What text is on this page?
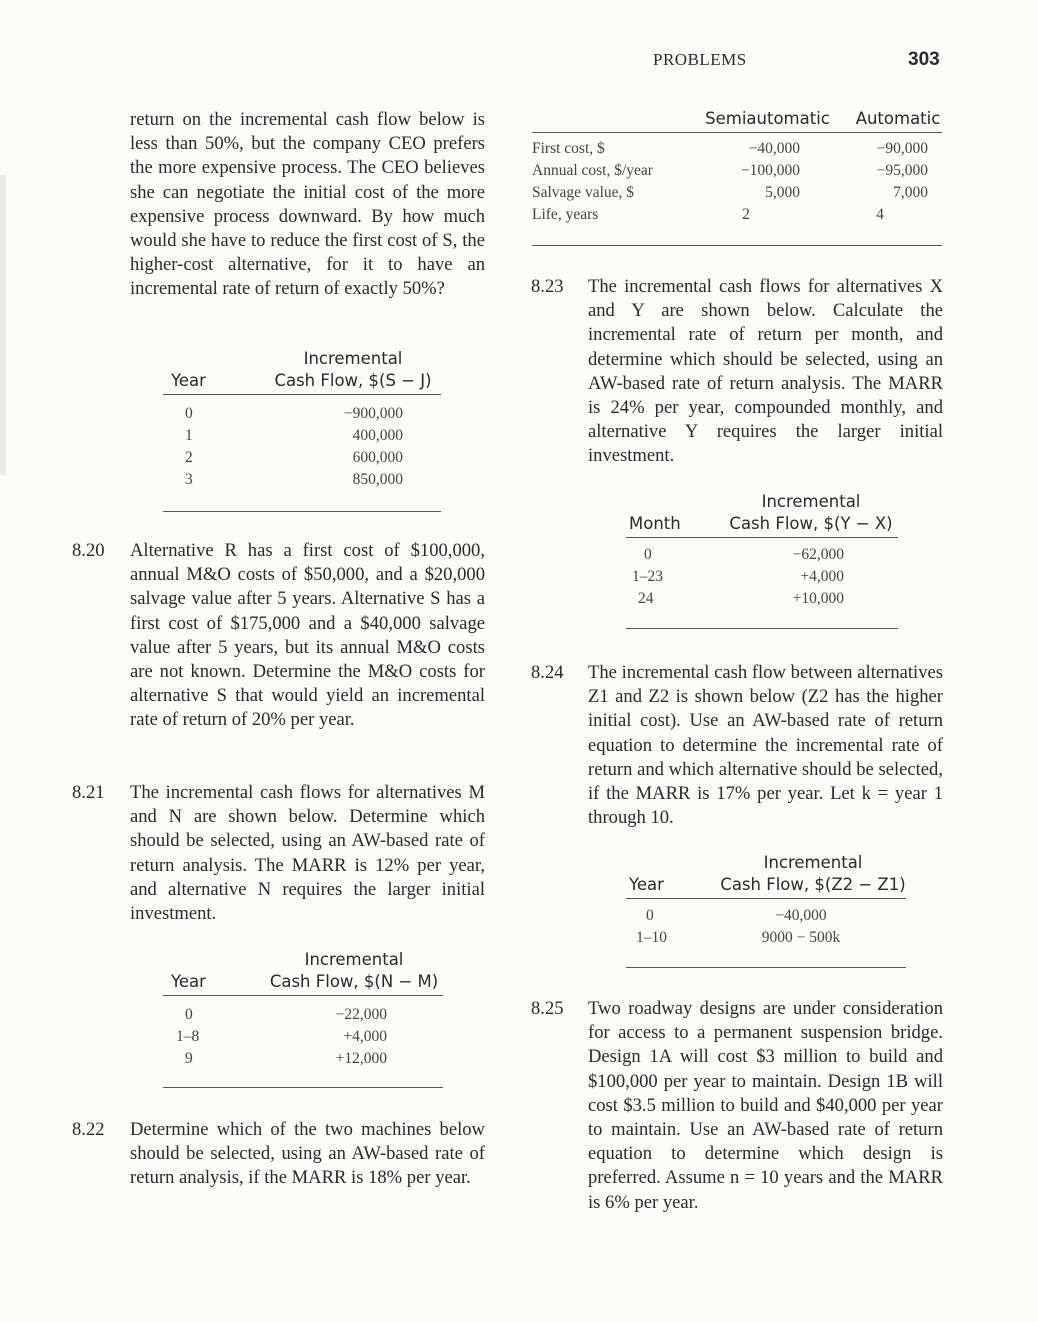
PROBLEMS	303

return on the incremental cash flow below is less than 50%, but the company CEO prefers the more expensive process. The CEO believes she can negotiate the initial cost of the more expensive process downward. By how much would she have to reduce the first cost of S, the higher-cost alternative, for it to have an incremental rate of return of exactly 50%?

Year
Incremental
Cash Flow, $(S − J)
0	−900,000
1	400,000
2	600,000
3	850,000
8.20 Alternative R has a first cost of $100,000, annual M&O costs of $50,000, and a $20,000 salvage value after 5 years. Alternative S has a first cost of $175,000 and a $40,000 salvage value after 5 years, but its annual M&O costs are not known. Determine the M&O costs for alternative S that would yield an incremental rate of return of 20% per year.

8.21 The incremental cash flows for alternatives M and N are shown below. Determine which should be selected, using an AW-based rate of return analysis. The MARR is 12% per year, and alternative N requires the larger initial investment.

Year
Incremental
Cash Flow, $(N − M)
0	−22,000
1–8	+4,000
9	+12,000
8.22 Determine which of the two machines below should be selected, using an AW-based rate of return analysis, if the MARR is 18% per year.

Semiautomatic	Automatic
First cost, $	−40,000	−90,000
Annual cost, $/year	−100,000	−95,000
Salvage value, $	5,000	7,000
Life, years	2	4
8.23 The incremental cash flows for alternatives X and Y are shown below. Calculate the incremental rate of return per month, and determine which should be selected, using an AW-based rate of return analysis. The MARR is 24% per year, compounded monthly, and alternative Y requires the larger initial investment.

Month
Incremental
Cash Flow, $(Y − X)
0	−62,000
1–23	+4,000
24	+10,000
8.24 The incremental cash flow between alternatives Z1 and Z2 is shown below (Z2 has the higher initial cost). Use an AW-based rate of return equation to determine the incremental rate of return and which alternative should be selected, if the MARR is 17% per year. Let k = year 1 through 10.

Year
Incremental
Cash Flow, $(Z2 − Z1)
0	−40,000
1–10	9000 − 500k
8.25 Two roadway designs are under consideration for access to a permanent suspension bridge. Design 1A will cost $3 million to build and $100,000 per year to maintain. Design 1B will cost $3.5 million to build and $40,000 per year to maintain. Use an AW-based rate of return equation to determine which design is preferred. Assume n = 10 years and the MARR is 6% per year.
